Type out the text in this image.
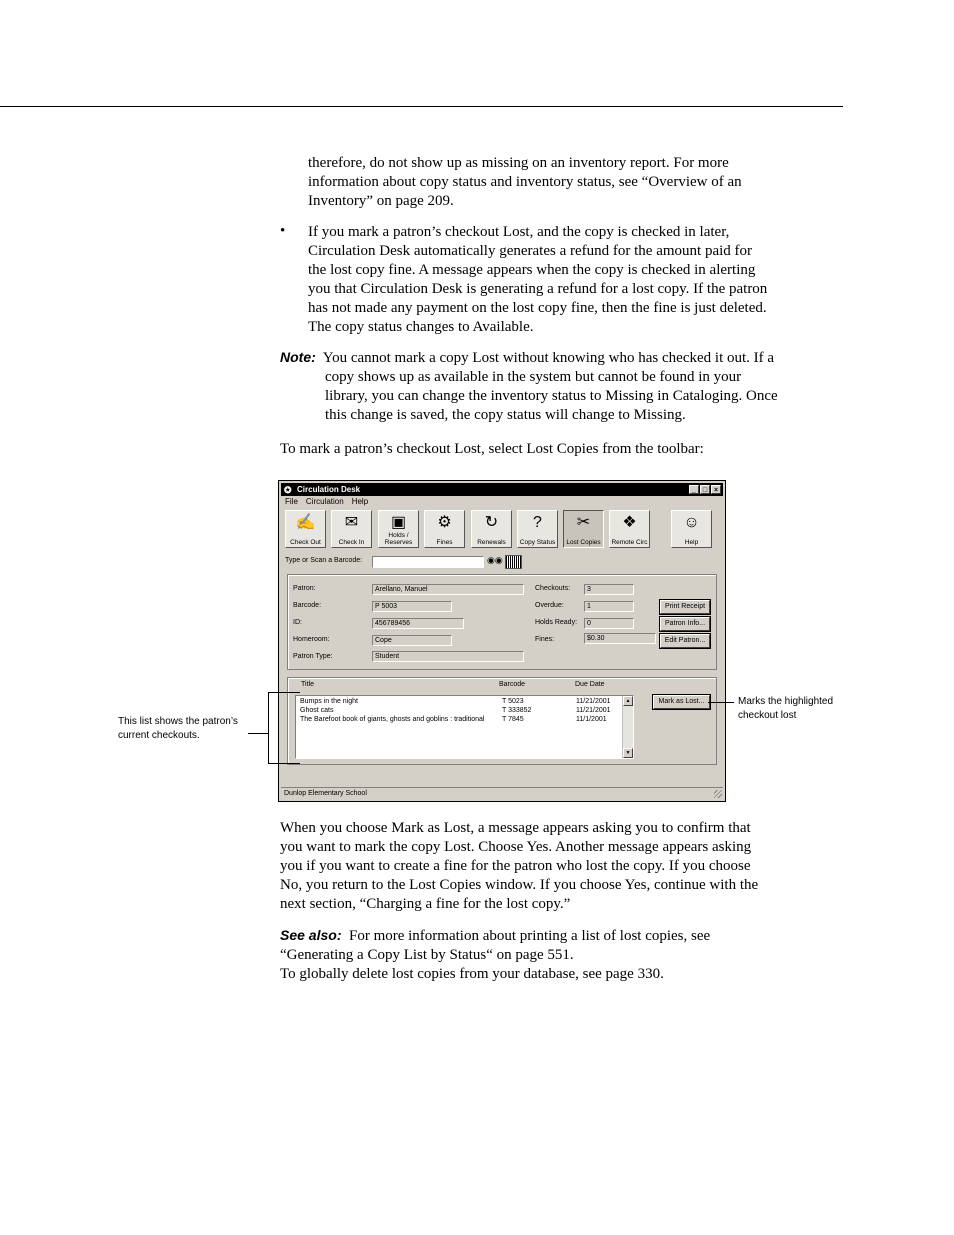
therefore, do not show up as missing on an inventory report. For more
information about copy status and inventory status, see “Overview of an
Inventory” on page 209.
• If you mark a patron’s checkout Lost, and the copy is checked in later,
Circulation Desk automatically generates a refund for the amount paid for
the lost copy fine. A message appears when the copy is checked in alerting
you that Circulation Desk is generating a refund for a lost copy. If the patron
has not made any payment on the lost copy fine, then the fine is just deleted.
The copy status changes to Available.
Note: You cannot mark a copy Lost without knowing who has checked it out. If a
copy shows up as available in the system but cannot be found in your
library, you can change the inventory status to Missing in Cataloging. Once
this change is saved, the copy status will change to Missing.
To mark a patron’s checkout Lost, select Lost Copies from the toolbar:
✪ Circulation Desk	_ □ ×
File Circulation Help
✍
Check Out
✉
Check In
▣
Holds / Reserves
⚙
Fines
↻
Renewals
?
Copy Status
✂
Lost Copies
❖
Remote Circ
☺
Help
Type or Scan a Barcode:	◉◉
Patron:	Arellano, Manuel
Barcode:	P 5003
ID:	456789456
Homeroom:	Cope
Patron Type:	Student
Checkouts:	3
Overdue:	1
Holds Ready:	0
Fines:	$0.30
Print Receipt
Patron Info...
Edit Patron...
Title	Barcode	Due Date
Bumps in the night	T 5023	11/21/2001
Ghost cats	T 333852	11/21/2001
The Barefoot book of giants, ghosts and goblins : traditional	T 7845	11/1/2001
▲
▼
Mark as Lost...
Dunlop Elementary School
This list shows the patron’s
current checkouts.
Marks the highlighted
checkout lost
When you choose Mark as Lost, a message appears asking you to confirm that
you want to mark the copy Lost. Choose Yes. Another message appears asking
you if you want to create a fine for the patron who lost the copy. If you choose
No, you return to the Lost Copies window. If you choose Yes, continue with the
next section, “Charging a fine for the lost copy.”
See also: For more information about printing a list of lost copies, see
“Generating a Copy List by Status“ on page 551.
To globally delete lost copies from your database, see page 330.
